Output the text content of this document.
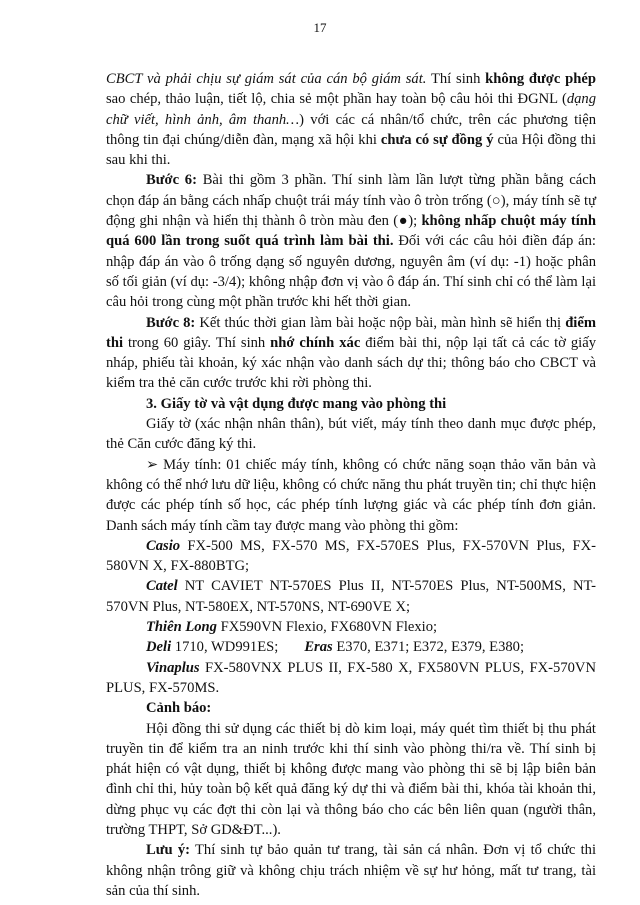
17

CBCT và phải chịu sự giám sát của cán bộ giám sát. Thí sinh không được phép sao chép, thảo luận, tiết lộ, chia sẻ một phần hay toàn bộ câu hỏi thi ĐGNL (dạng chữ viết, hình ảnh, âm thanh…) với các cá nhân/tổ chức, trên các phương tiện thông tin đại chúng/diễn đàn, mạng xã hội khi chưa có sự đồng ý của Hội đồng thi sau khi thi.

Bước 6: Bài thi gồm 3 phần. Thí sinh làm lần lượt từng phần bằng cách chọn đáp án bằng cách nhấp chuột trái máy tính vào ô tròn trống (○), máy tính sẽ tự động ghi nhận và hiển thị thành ô tròn màu đen (●); không nhấp chuột máy tính quá 600 lần trong suốt quá trình làm bài thi. Đối với các câu hỏi điền đáp án: nhập đáp án vào ô trống dạng số nguyên dương, nguyên âm (ví dụ: -1) hoặc phân số tối giản (ví dụ: -3/4); không nhập đơn vị vào ô đáp án. Thí sinh chỉ có thể làm lại câu hỏi trong cùng một phần trước khi hết thời gian.

Bước 8: Kết thúc thời gian làm bài hoặc nộp bài, màn hình sẽ hiển thị điểm thi trong 60 giây. Thí sinh nhớ chính xác điểm bài thi, nộp lại tất cả các tờ giấy nháp, phiếu tài khoản, ký xác nhận vào danh sách dự thi; thông báo cho CBCT và kiểm tra thẻ căn cước trước khi rời phòng thi.

3. Giấy tờ và vật dụng được mang vào phòng thi

Giấy tờ (xác nhận nhân thân), bút viết, máy tính theo danh mục được phép, thẻ Căn cước đăng ký thi.

➢ Máy tính: 01 chiếc máy tính, không có chức năng soạn thảo văn bản và không có thể nhớ lưu dữ liệu, không có chức năng thu phát truyền tin; chỉ thực hiện được các phép tính số học, các phép tính lượng giác và các phép tính đơn giản. Danh sách máy tính cầm tay được mang vào phòng thi gồm:

Casio FX-500 MS, FX-570 MS, FX-570ES Plus, FX-570VN Plus, FX-580VN X, FX-880BTG;

Catel NT CAVIET NT-570ES Plus II, NT-570ES Plus, NT-500MS, NT-570VN Plus, NT-580EX, NT-570NS, NT-690VE X;

Thiên Long FX590VN Flexio, FX680VN Flexio;

Deli 1710, WD991ES; Eras E370, E371; E372, E379, E380;

Vinaplus FX-580VNX PLUS II, FX-580 X, FX580VN PLUS, FX-570VN PLUS, FX-570MS.

Cảnh báo:

Hội đồng thi sử dụng các thiết bị dò kim loại, máy quét tìm thiết bị thu phát truyền tin để kiểm tra an ninh trước khi thí sinh vào phòng thi/ra về. Thí sinh bị phát hiện có vật dụng, thiết bị không được mang vào phòng thi sẽ bị lập biên bản đình chỉ thi, hủy toàn bộ kết quả đăng ký dự thi và điểm bài thi, khóa tài khoản thi, dừng phục vụ các đợt thi còn lại và thông báo cho các bên liên quan (người thân, trường THPT, Sở GD&ĐT...).

Lưu ý: Thí sinh tự bảo quản tư trang, tài sản cá nhân. Đơn vị tổ chức thi không nhận trông giữ và không chịu trách nhiệm về sự hư hỏng, mất tư trang, tài sản của thí sinh.
